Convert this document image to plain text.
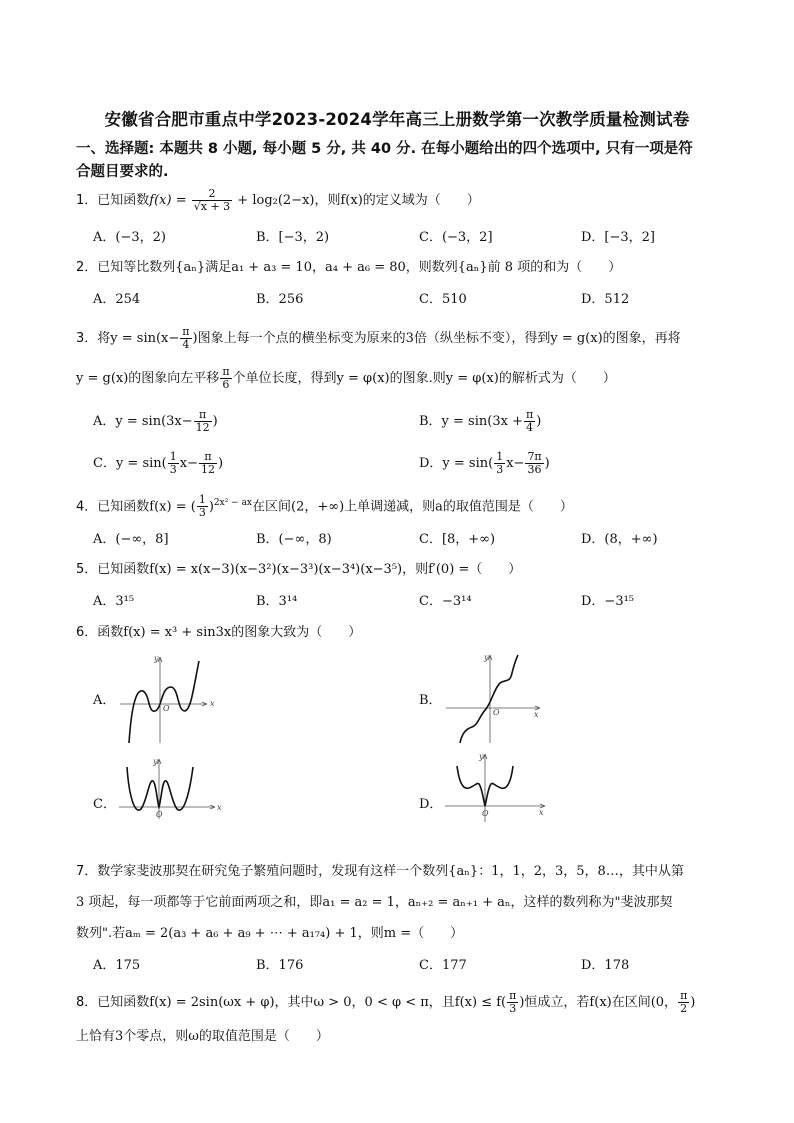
安徽省合肥市重点中学2023-2024学年高三上册数学第一次教学质量检测试卷
一、选择题: 本题共 8 小题, 每小题 5 分, 共 40 分. 在每小题给出的四个选项中, 只有一项是符
合题目要求的.
1．已知函数$f(x) = \frac{2}{√x + 3} + \log_2(2-x)$，则f(x)的定义域为（　　）
A．(−3，2)	B．[−3，2)	C．(−3，2]	D．[−3，2]
2．已知等比数列{aₙ}满足a₁ + a₃ = 10，a₄ + a₆ = 80，则数列{aₙ}前 8 项的和为（　　）
A．254	B．256	C．510	D．512
3．将$y = \sin(x- \frac{\pi}{4}$ )图象上每一个点的横坐标变为原来的3倍（纵坐标不变），得到y = g(x)的图象，再将
y = g(x)的图象向左平移 $\frac{\pi}{6}$ 个单位长度，得到y = φ(x)的图象.则y = φ(x)的解析式为（　　）
A．$y = \sin(3x- \frac{\pi}{12}$ )	B．$y = \sin(3x + \frac{\pi}{4}$ )
C．$y = \sin( \frac{1}{3} x- \frac{\pi}{12}$ )	D．$y = \sin( \frac{1}{3} x- \frac{7\pi}{36}$ )
4．已知函数f(x) = ( $\frac{1}{3} )^{2x^2 - ax}$在区间(2，+∞)上单调递减，则a的取值范围是（　　）
A．(−∞，8]	B．(−∞，8)	C．[8，+∞)	D．(8，+∞)
5．已知函数f(x) = x(x−3)(x−3²)(x−3³)(x−3⁴)(x−3⁵)，则f′(0) =（　　）
A．3¹⁵	B．3¹⁴	C．−3¹⁴	D．−3¹⁵
6．函数f(x) = x³ + sin3x的图象大致为（　　）
A．	x
y
O
B．
x
y
O
C．	x
y
O
D．
x
y
O
7．数学家斐波那契在研究兔子繁殖问题时，发现有这样一个数列{aₙ}：1，1，2，3，5，8…，其中从第
3 项起，每一项都等于它前面两项之和，即a₁ = a₂ = 1，aₙ₊₂ = aₙ₊₁ + aₙ，这样的数列称为"斐波那契
数列".若aₘ = 2(a₃ + a₆ + a₉ + ⋯ + a₁₇₄) + 1，则m =（　　）
A．175	B．176	C．177	D．178
8．已知函数f(x) = 2sin(ωx + φ)，其中ω > 0，0 < φ < π，且$f(x) \le f( \frac{\pi}{3}$ )恒成立，若f(x)在区间(0， $\frac{\pi}{2}$ )
上恰有3个零点，则ω的取值范围是（　　）
